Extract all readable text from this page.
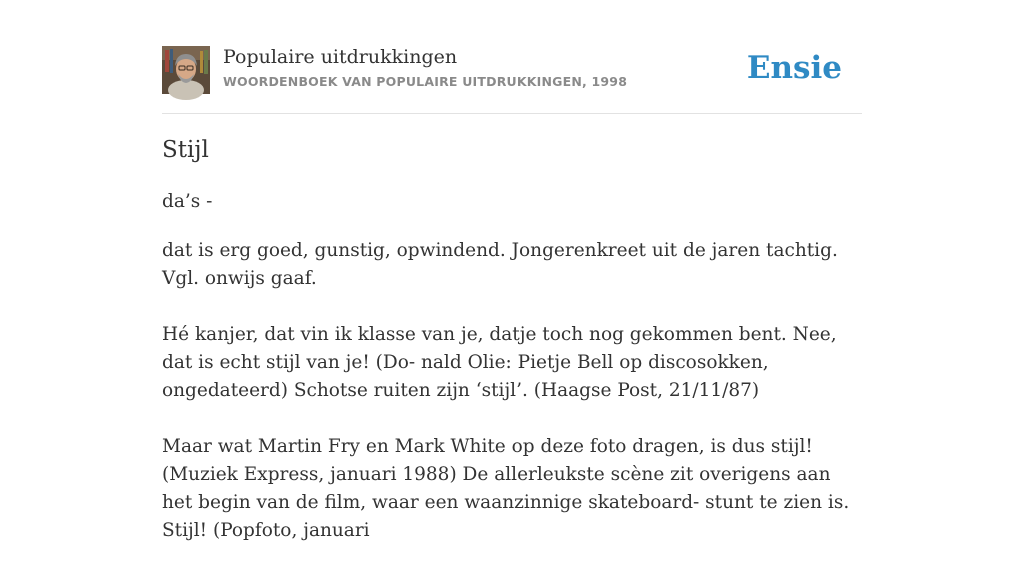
Populaire uitdrukkingen
WOORDENBOEK VAN POPULAIRE UITDRUKKINGEN, 1998	Ensie
Stijl
da’s -

dat is erg goed, gunstig, opwindend. Jongerenkreet uit de jaren tachtig. Vgl. onwijs gaaf.

Hé kanjer, dat vin ik klasse van je, datje toch nog gekommen bent. Nee, dat is echt stijl van je! (Do- nald Olie: Pietje Bell op discosokken, ongedateerd) Schotse ruiten zijn ‘stijl’. (Haagse Post, 21/11/87)

Maar wat Martin Fry en Mark White op deze foto dragen, is dus stijl! (Muziek Express, januari 1988) De allerleukste scène zit overigens aan het begin van de film, waar een waanzinnige skateboard- stunt te zien is. Stijl! (Popfoto, januari
